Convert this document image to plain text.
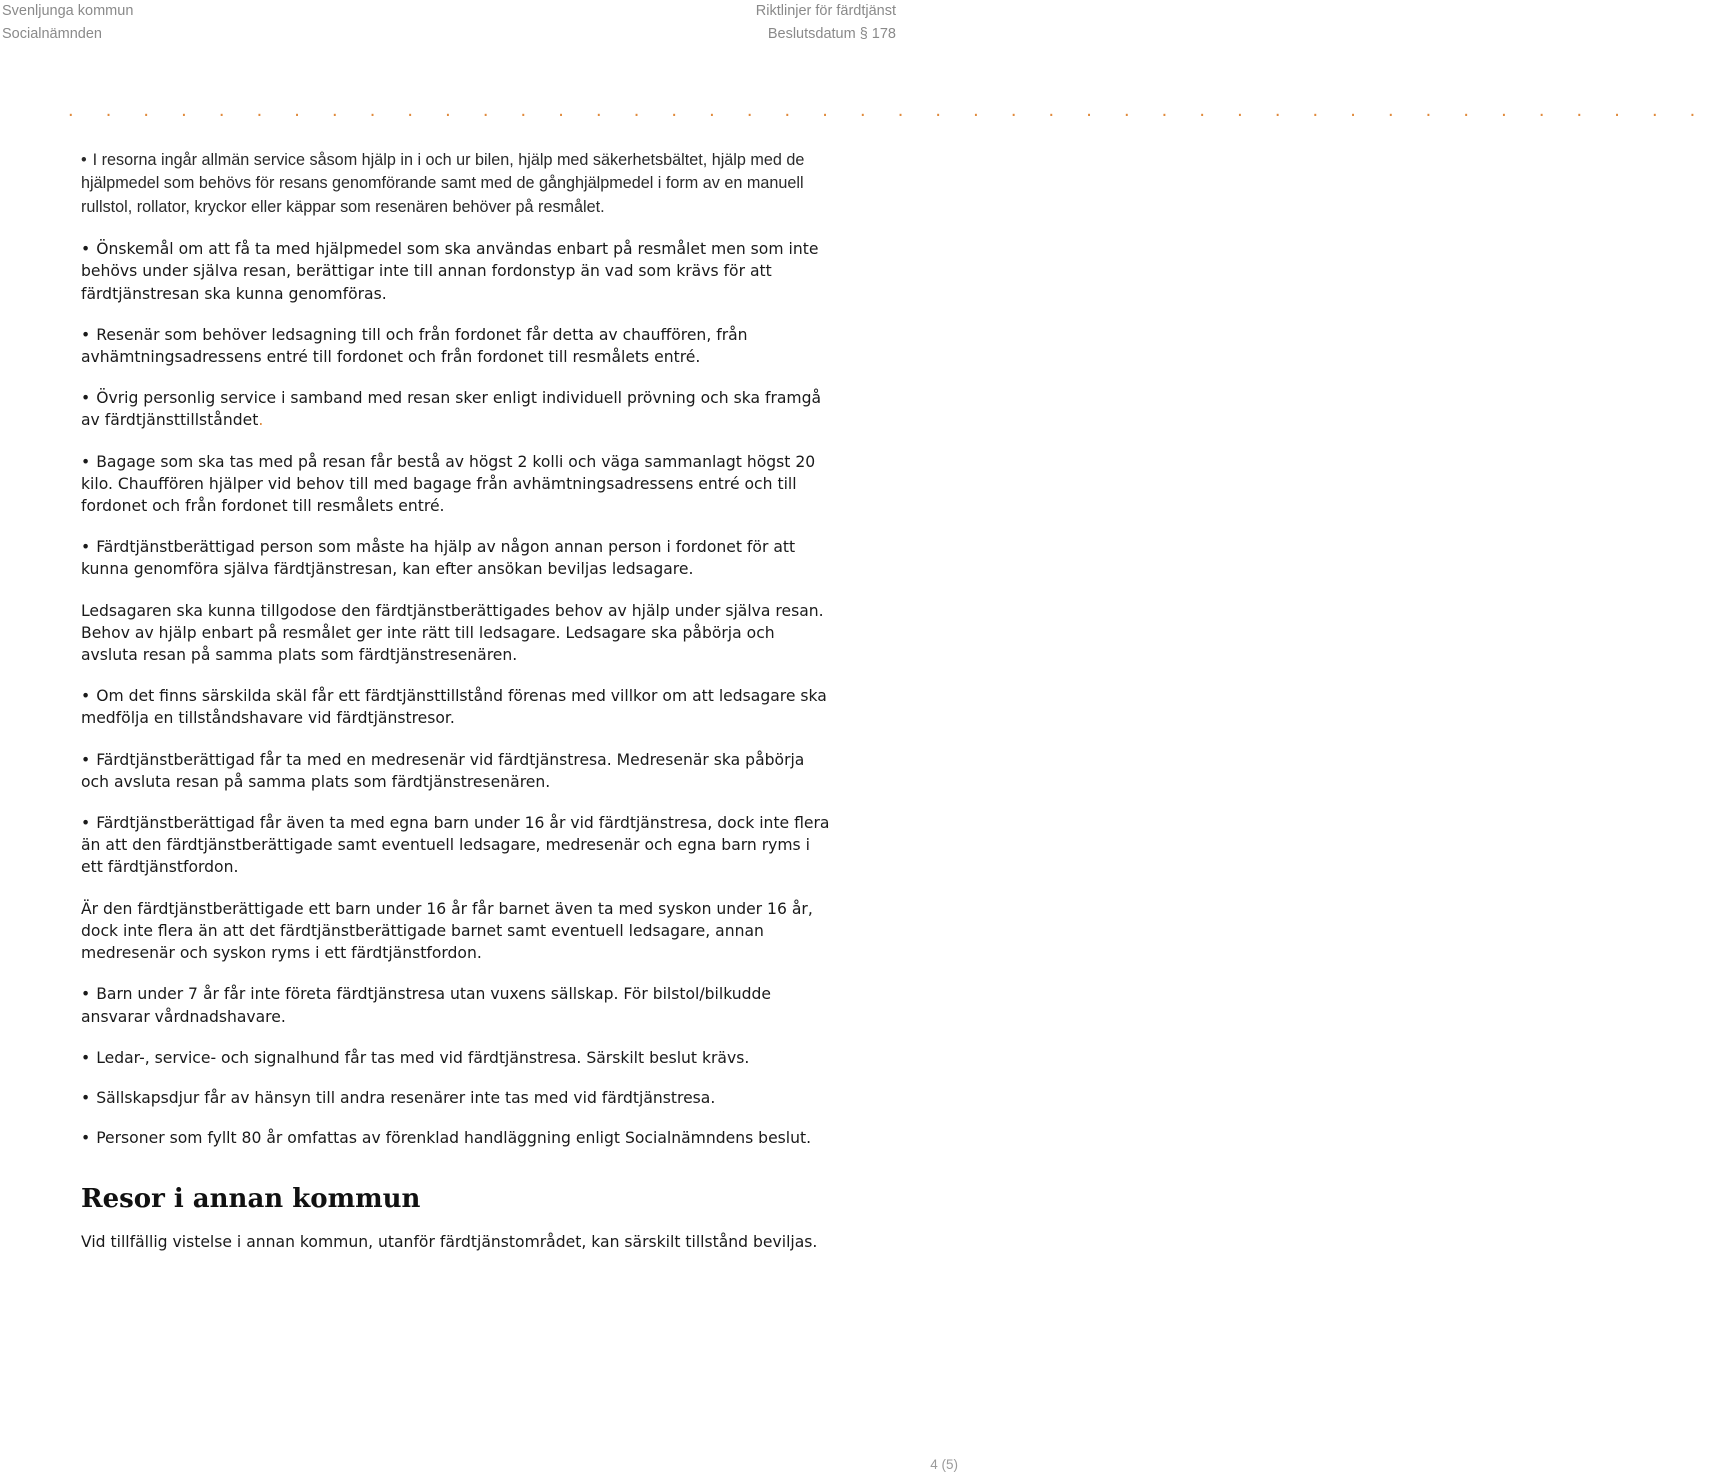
Svenljunga kommun
Socialnämnden
Riktlinjer för färdtjänst
Beslutsdatum § 178
. . . . . . . . . . . . . . . . . . . . . . . . . . . . . . . . . . . . . . . . . . . .

• I resorna ingår allmän service såsom hjälp in i och ur bilen, hjälp med säkerhetsbältet, hjälp med de hjälpmedel som behövs för resans genomförande samt med de gånghjälpmedel i form av en manuell rullstol, rollator, kryckor eller käppar som resenären behöver på resmålet.

• Önskemål om att få ta med hjälpmedel som ska användas enbart på resmålet men som inte behövs under själva resan, berättigar inte till annan fordonstyp än vad som krävs för att färdtjänstresan ska kunna genomföras.

• Resenär som behöver ledsagning till och från fordonet får detta av chauffören, från avhämtningsadressens entré till fordonet och från fordonet till resmålets entré.

• Övrig personlig service i samband med resan sker enligt individuell prövning och ska framgå av färdtjänsttillståndet.

• Bagage som ska tas med på resan får bestå av högst 2 kolli och väga sammanlagt högst 20 kilo. Chauffören hjälper vid behov till med bagage från avhämtningsadressens entré och till fordonet och från fordonet till resmålets entré.

• Färdtjänstberättigad person som måste ha hjälp av någon annan person i fordonet för att kunna genomföra själva färdtjänstresan, kan efter ansökan beviljas ledsagare.

Ledsagaren ska kunna tillgodose den färdtjänstberättigades behov av hjälp under själva resan. Behov av hjälp enbart på resmålet ger inte rätt till ledsagare. Ledsagare ska påbörja och avsluta resan på samma plats som färdtjänstresenären.

• Om det finns särskilda skäl får ett färdtjänsttillstånd förenas med villkor om att ledsagare ska medfölja en tillståndshavare vid färdtjänstresor.

• Färdtjänstberättigad får ta med en medresenär vid färdtjänstresa. Medresenär ska påbörja och avsluta resan på samma plats som färdtjänstresenären.

• Färdtjänstberättigad får även ta med egna barn under 16 år vid färdtjänstresa, dock inte flera än att den färdtjänstberättigade samt eventuell ledsagare, medresenär och egna barn ryms i ett färdtjänstfordon.

Är den färdtjänstberättigade ett barn under 16 år får barnet även ta med syskon under 16 år, dock inte flera än att det färdtjänstberättigade barnet samt eventuell ledsagare, annan medresenär och syskon ryms i ett färdtjänstfordon.

• Barn under 7 år får inte företa färdtjänstresa utan vuxens sällskap. För bilstol/bilkudde ansvarar vårdnadshavare.

• Ledar-, service- och signalhund får tas med vid färdtjänstresa. Särskilt beslut krävs.

• Sällskapsdjur får av hänsyn till andra resenärer inte tas med vid färdtjänstresa.

• Personer som fyllt 80 år omfattas av förenklad handläggning enligt Socialnämndens beslut.

Resor i annan kommun

Vid tillfällig vistelse i annan kommun, utanför färdtjänstområdet, kan särskilt tillstånd beviljas.

4 (5)
